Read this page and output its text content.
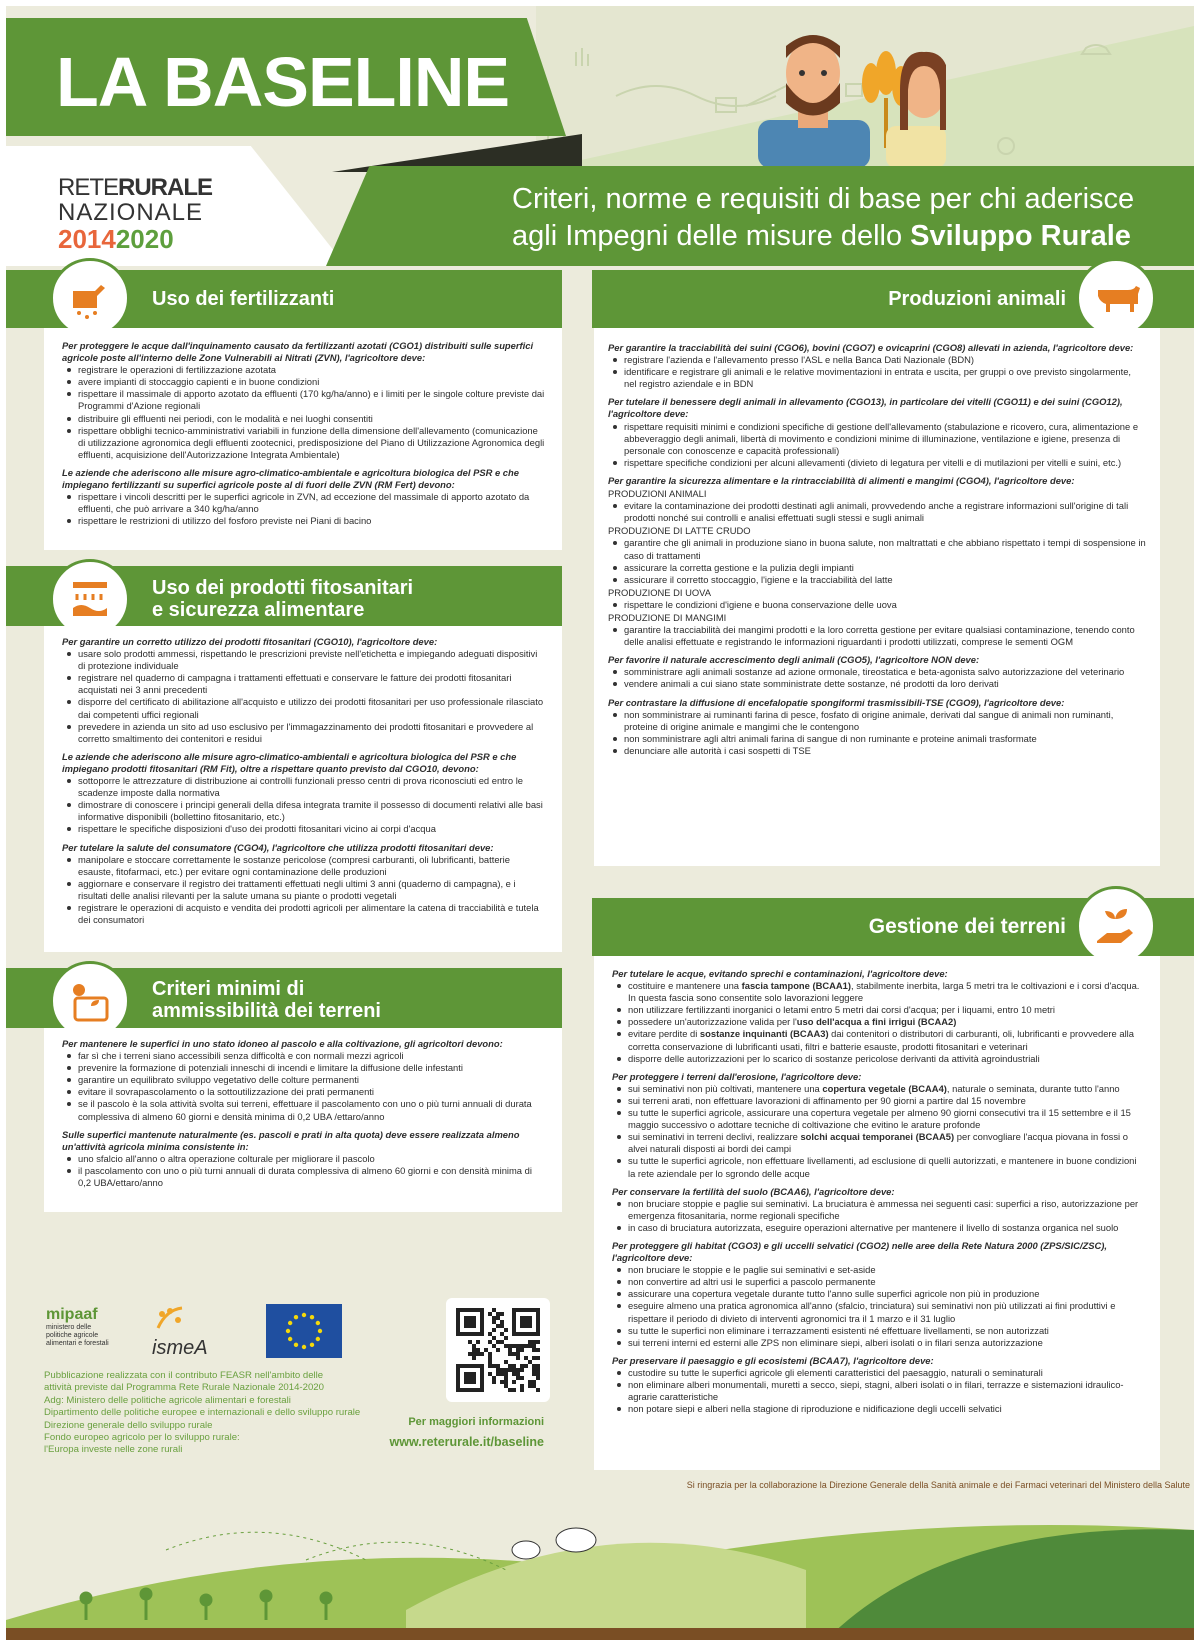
LA BASELINE
RETERURALE
NAZIONALE
20142020
Criteri, norme e requisiti di base per chi aderisce
agli Impegni delle misure dello Sviluppo Rurale
Uso dei fertilizzanti

Per proteggere le acque dall'inquinamento causato da fertilizzanti azotati (CGO1) distribuiti sulle superfici agricole poste all'interno delle Zone Vulnerabili ai Nitrati (ZVN), l'agricoltore deve:

registrare le operazioni di fertilizzazione azotata
avere impianti di stoccaggio capienti e in buone condizioni
rispettare il massimale di apporto azotato da effluenti (170 kg/ha/anno) e i limiti per le singole colture previste dai Programmi d'Azione regionali
distribuire gli effluenti nei periodi, con le modalità e nei luoghi consentiti
rispettare obblighi tecnico-amministrativi variabili in funzione della dimensione dell'allevamento (comunicazione di utilizzazione agronomica degli effluenti zootecnici, predisposizione del Piano di Utilizzazione Agronomica degli effluenti, acquisizione dell'Autorizzazione Integrata Ambientale)

Le aziende che aderiscono alle misure agro-climatico-ambientale e agricoltura biologica del PSR e che impiegano fertilizzanti su superfici agricole poste al di fuori delle ZVN (RM Fert) devono:

rispettare i vincoli descritti per le superfici agricole in ZVN, ad eccezione del massimale di apporto azotato da effluenti, che può arrivare a 340 kg/ha/anno
rispettare le restrizioni di utilizzo del fosforo previste nei Piani di bacino
Uso dei prodotti fitosanitari
e sicurezza alimentare

Per garantire un corretto utilizzo dei prodotti fitosanitari (CGO10), l'agricoltore deve:

usare solo prodotti ammessi, rispettando le prescrizioni previste nell'etichetta e impiegando adeguati dispositivi di protezione individuale
registrare nel quaderno di campagna i trattamenti effettuati e conservare le fatture dei prodotti fitosanitari acquistati nei 3 anni precedenti
disporre del certificato di abilitazione all'acquisto e utilizzo dei prodotti fitosanitari per uso professionale rilasciato dai competenti uffici regionali
prevedere in azienda un sito ad uso esclusivo per l'immagazzinamento dei prodotti fitosanitari e provvedere al corretto smaltimento dei contenitori e residui

Le aziende che aderiscono alle misure agro-climatico-ambientali e agricoltura biologica del PSR e che impiegano prodotti fitosanitari (RM Fit), oltre a rispettare quanto previsto dal CGO10, devono:

sottoporre le attrezzature di distribuzione ai controlli funzionali presso centri di prova riconosciuti ed entro le scadenze imposte dalla normativa
dimostrare di conoscere i principi generali della difesa integrata tramite il possesso di documenti relativi alle basi informative disponibili (bollettino fitosanitario, etc.)
rispettare le specifiche disposizioni d'uso dei prodotti fitosanitari vicino ai corpi d'acqua

Per tutelare la salute del consumatore (CGO4), l'agricoltore che utilizza prodotti fitosanitari deve:

manipolare e stoccare correttamente le sostanze pericolose (compresi carburanti, oli lubrificanti, batterie esauste, fitofarmaci, etc.) per evitare ogni contaminazione delle produzioni
aggiornare e conservare il registro dei trattamenti effettuati negli ultimi 3 anni (quaderno di campagna), e i risultati delle analisi rilevanti per la salute umana su piante o prodotti vegetali
registrare le operazioni di acquisto e vendita dei prodotti agricoli per alimentare la catena di tracciabilità e tutela dei consumatori
Criteri minimi di
ammissibilità dei terreni

Per mantenere le superfici in uno stato idoneo al pascolo e alla coltivazione, gli agricoltori devono:

far sì che i terreni siano accessibili senza difficoltà e con normali mezzi agricoli
prevenire la formazione di potenziali inneschi di incendi e limitare la diffusione delle infestanti
garantire un equilibrato sviluppo vegetativo delle colture permanenti
evitare il sovrapascolamento o la sottoutilizzazione dei prati permanenti
se il pascolo è la sola attività svolta sui terreni, effettuare il pascolamento con uno o più turni annuali di durata complessiva di almeno 60 giorni e densità minima di 0,2 UBA /ettaro/anno

Sulle superfici mantenute naturalmente (es. pascoli e prati in alta quota) deve essere realizzata almeno un'attività agricola minima consistente in:

uno sfalcio all'anno o altra operazione colturale per migliorare il pascolo
il pascolamento con uno o più turni annuali di durata complessiva di almeno 60 giorni e con densità minima di 0,2 UBA/ettaro/anno
mipaaf
ministero delle politiche agricole alimentari e forestali	ismeA
Pubblicazione realizzata con il contributo FEASR nell'ambito delle
attività previste dal Programma Rete Rurale Nazionale 2014-2020
Adg: Ministero delle politiche agricole alimentari e forestali
Dipartimento delle politiche europee e internazionali e dello sviluppo rurale
Direzione generale dello sviluppo rurale
Fondo europeo agricolo per lo sviluppo rurale:
l'Europa investe nelle zone rurali
Per maggiori informazioni
www.reterurale.it/baseline
Produzioni animali

Per garantire la tracciabilità dei suini (CGO6), bovini (CGO7) e ovicaprini (CGO8) allevati in azienda, l'agricoltore deve:

registrare l'azienda e l'allevamento presso l'ASL e nella Banca Dati Nazionale (BDN)
identificare e registrare gli animali e le relative movimentazioni in entrata e uscita, per gruppi o ove previsto singolarmente, nel registro aziendale e in BDN

Per tutelare il benessere degli animali in allevamento (CGO13), in particolare dei vitelli (CGO11) e dei suini (CGO12), l'agricoltore deve:

rispettare requisiti minimi e condizioni specifiche di gestione dell'allevamento (stabulazione e ricovero, cura, alimentazione e abbeveraggio degli animali, libertà di movimento e condizioni minime di illuminazione, ventilazione e igiene, presenza di personale con conoscenze e capacità professionali)
rispettare specifiche condizioni per alcuni allevamenti (divieto di legatura per vitelli e di mutilazioni per vitelli e suini, etc.)

Per garantire la sicurezza alimentare e la rintracciabilità di alimenti e mangimi (CGO4), l'agricoltore deve:

PRODUZIONI ANIMALI

evitare la contaminazione dei prodotti destinati agli animali, provvedendo anche a registrare informazioni sull'origine di tali prodotti nonché sui controlli e analisi effettuati sugli stessi e sugli animali

PRODUZIONE DI LATTE CRUDO

garantire che gli animali in produzione siano in buona salute, non maltrattati e che abbiano rispettato i tempi di sospensione in caso di trattamenti
assicurare la corretta gestione e la pulizia degli impianti
assicurare il corretto stoccaggio, l'igiene e la tracciabilità del latte

PRODUZIONE DI UOVA

rispettare le condizioni d'igiene e buona conservazione delle uova

PRODUZIONE DI MANGIMI

garantire la tracciabilità dei mangimi prodotti e la loro corretta gestione per evitare qualsiasi contaminazione, tenendo conto delle analisi effettuate e registrando le informazioni riguardanti i prodotti utilizzati, comprese le sementi OGM

Per favorire il naturale accrescimento degli animali (CGO5), l'agricoltore NON deve:

somministrare agli animali sostanze ad azione ormonale, tireostatica e beta-agonista salvo autorizzazione del veterinario
vendere animali a cui siano state somministrate dette sostanze, né prodotti da loro derivati

Per contrastare la diffusione di encefalopatie spongiformi trasmissibili-TSE (CGO9), l'agricoltore deve:

non somministrare ai ruminanti farina di pesce, fosfato di origine animale, derivati dal sangue di animali non ruminanti, proteine di origine animale e mangimi che le contengono
non somministrare agli altri animali farina di sangue di non ruminante e proteine animali trasformate
denunciare alle autorità i casi sospetti di TSE
Gestione dei terreni

Per tutelare le acque, evitando sprechi e contaminazioni, l'agricoltore deve:

costituire e mantenere una fascia tampone (BCAA1), stabilmente inerbita, larga 5 metri tra le coltivazioni e i corsi d'acqua. In questa fascia sono consentite solo lavorazioni leggere
non utilizzare fertilizzanti inorganici o letami entro 5 metri dai corsi d'acqua; per i liquami, entro 10 metri
possedere un'autorizzazione valida per l'uso dell'acqua a fini irrigui (BCAA2)
evitare perdite di sostanze inquinanti (BCAA3) dai contenitori o distributori di carburanti, oli, lubrificanti e provvedere alla corretta conservazione di lubrificanti usati, filtri e batterie esauste, prodotti fitosanitari e veterinari
disporre delle autorizzazioni per lo scarico di sostanze pericolose derivanti da attività agroindustriali

Per proteggere i terreni dall'erosione, l'agricoltore deve:

sui seminativi non più coltivati, mantenere una copertura vegetale (BCAA4), naturale o seminata, durante tutto l'anno
sui terreni arati, non effettuare lavorazioni di affinamento per 90 giorni a partire dal 15 novembre
su tutte le superfici agricole, assicurare una copertura vegetale per almeno 90 giorni consecutivi tra il 15 settembre e il 15 maggio successivo o adottare tecniche di coltivazione che evitino le arature profonde
sui seminativi in terreni declivi, realizzare solchi acquai temporanei (BCAA5) per convogliare l'acqua piovana in fossi o alvei naturali disposti ai bordi dei campi
su tutte le superfici agricole, non effettuare livellamenti, ad esclusione di quelli autorizzati, e mantenere in buone condizioni la rete aziendale per lo sgrondo delle acque

Per conservare la fertilità del suolo (BCAA6), l'agricoltore deve:

non bruciare stoppie e paglie sui seminativi. La bruciatura è ammessa nei seguenti casi: superfici a riso, autorizzazione per emergenza fitosanitaria, norme regionali specifiche
in caso di bruciatura autorizzata, eseguire operazioni alternative per mantenere il livello di sostanza organica nel suolo

Per proteggere gli habitat (CGO3) e gli uccelli selvatici (CGO2) nelle aree della Rete Natura 2000 (ZPS/SIC/ZSC), l'agricoltore deve:

non bruciare le stoppie e le paglie sui seminativi e set-aside
non convertire ad altri usi le superfici a pascolo permanente
assicurare una copertura vegetale durante tutto l'anno sulle superfici agricole non più in produzione
eseguire almeno una pratica agronomica all'anno (sfalcio, trinciatura) sui seminativi non più utilizzati ai fini produttivi e rispettare il periodo di divieto di interventi agronomici tra il 1 marzo e il 31 luglio
su tutte le superfici non eliminare i terrazzamenti esistenti né effettuare livellamenti, se non autorizzati
sui terreni interni ed esterni alle ZPS non eliminare siepi, alberi isolati o in filari senza autorizzazione

Per preservare il paesaggio e gli ecosistemi (BCAA7), l'agricoltore deve:

custodire su tutte le superfici agricole gli elementi caratteristici del paesaggio, naturali o seminaturali
non eliminare alberi monumentali, muretti a secco, siepi, stagni, alberi isolati o in filari, terrazze e sistemazioni idraulico-agrarie caratteristiche
non potare siepi e alberi nella stagione di riproduzione e nidificazione degli uccelli selvatici
Si ringrazia per la collaborazione la Direzione Generale della Sanità animale e dei Farmaci veterinari del Ministero della Salute
